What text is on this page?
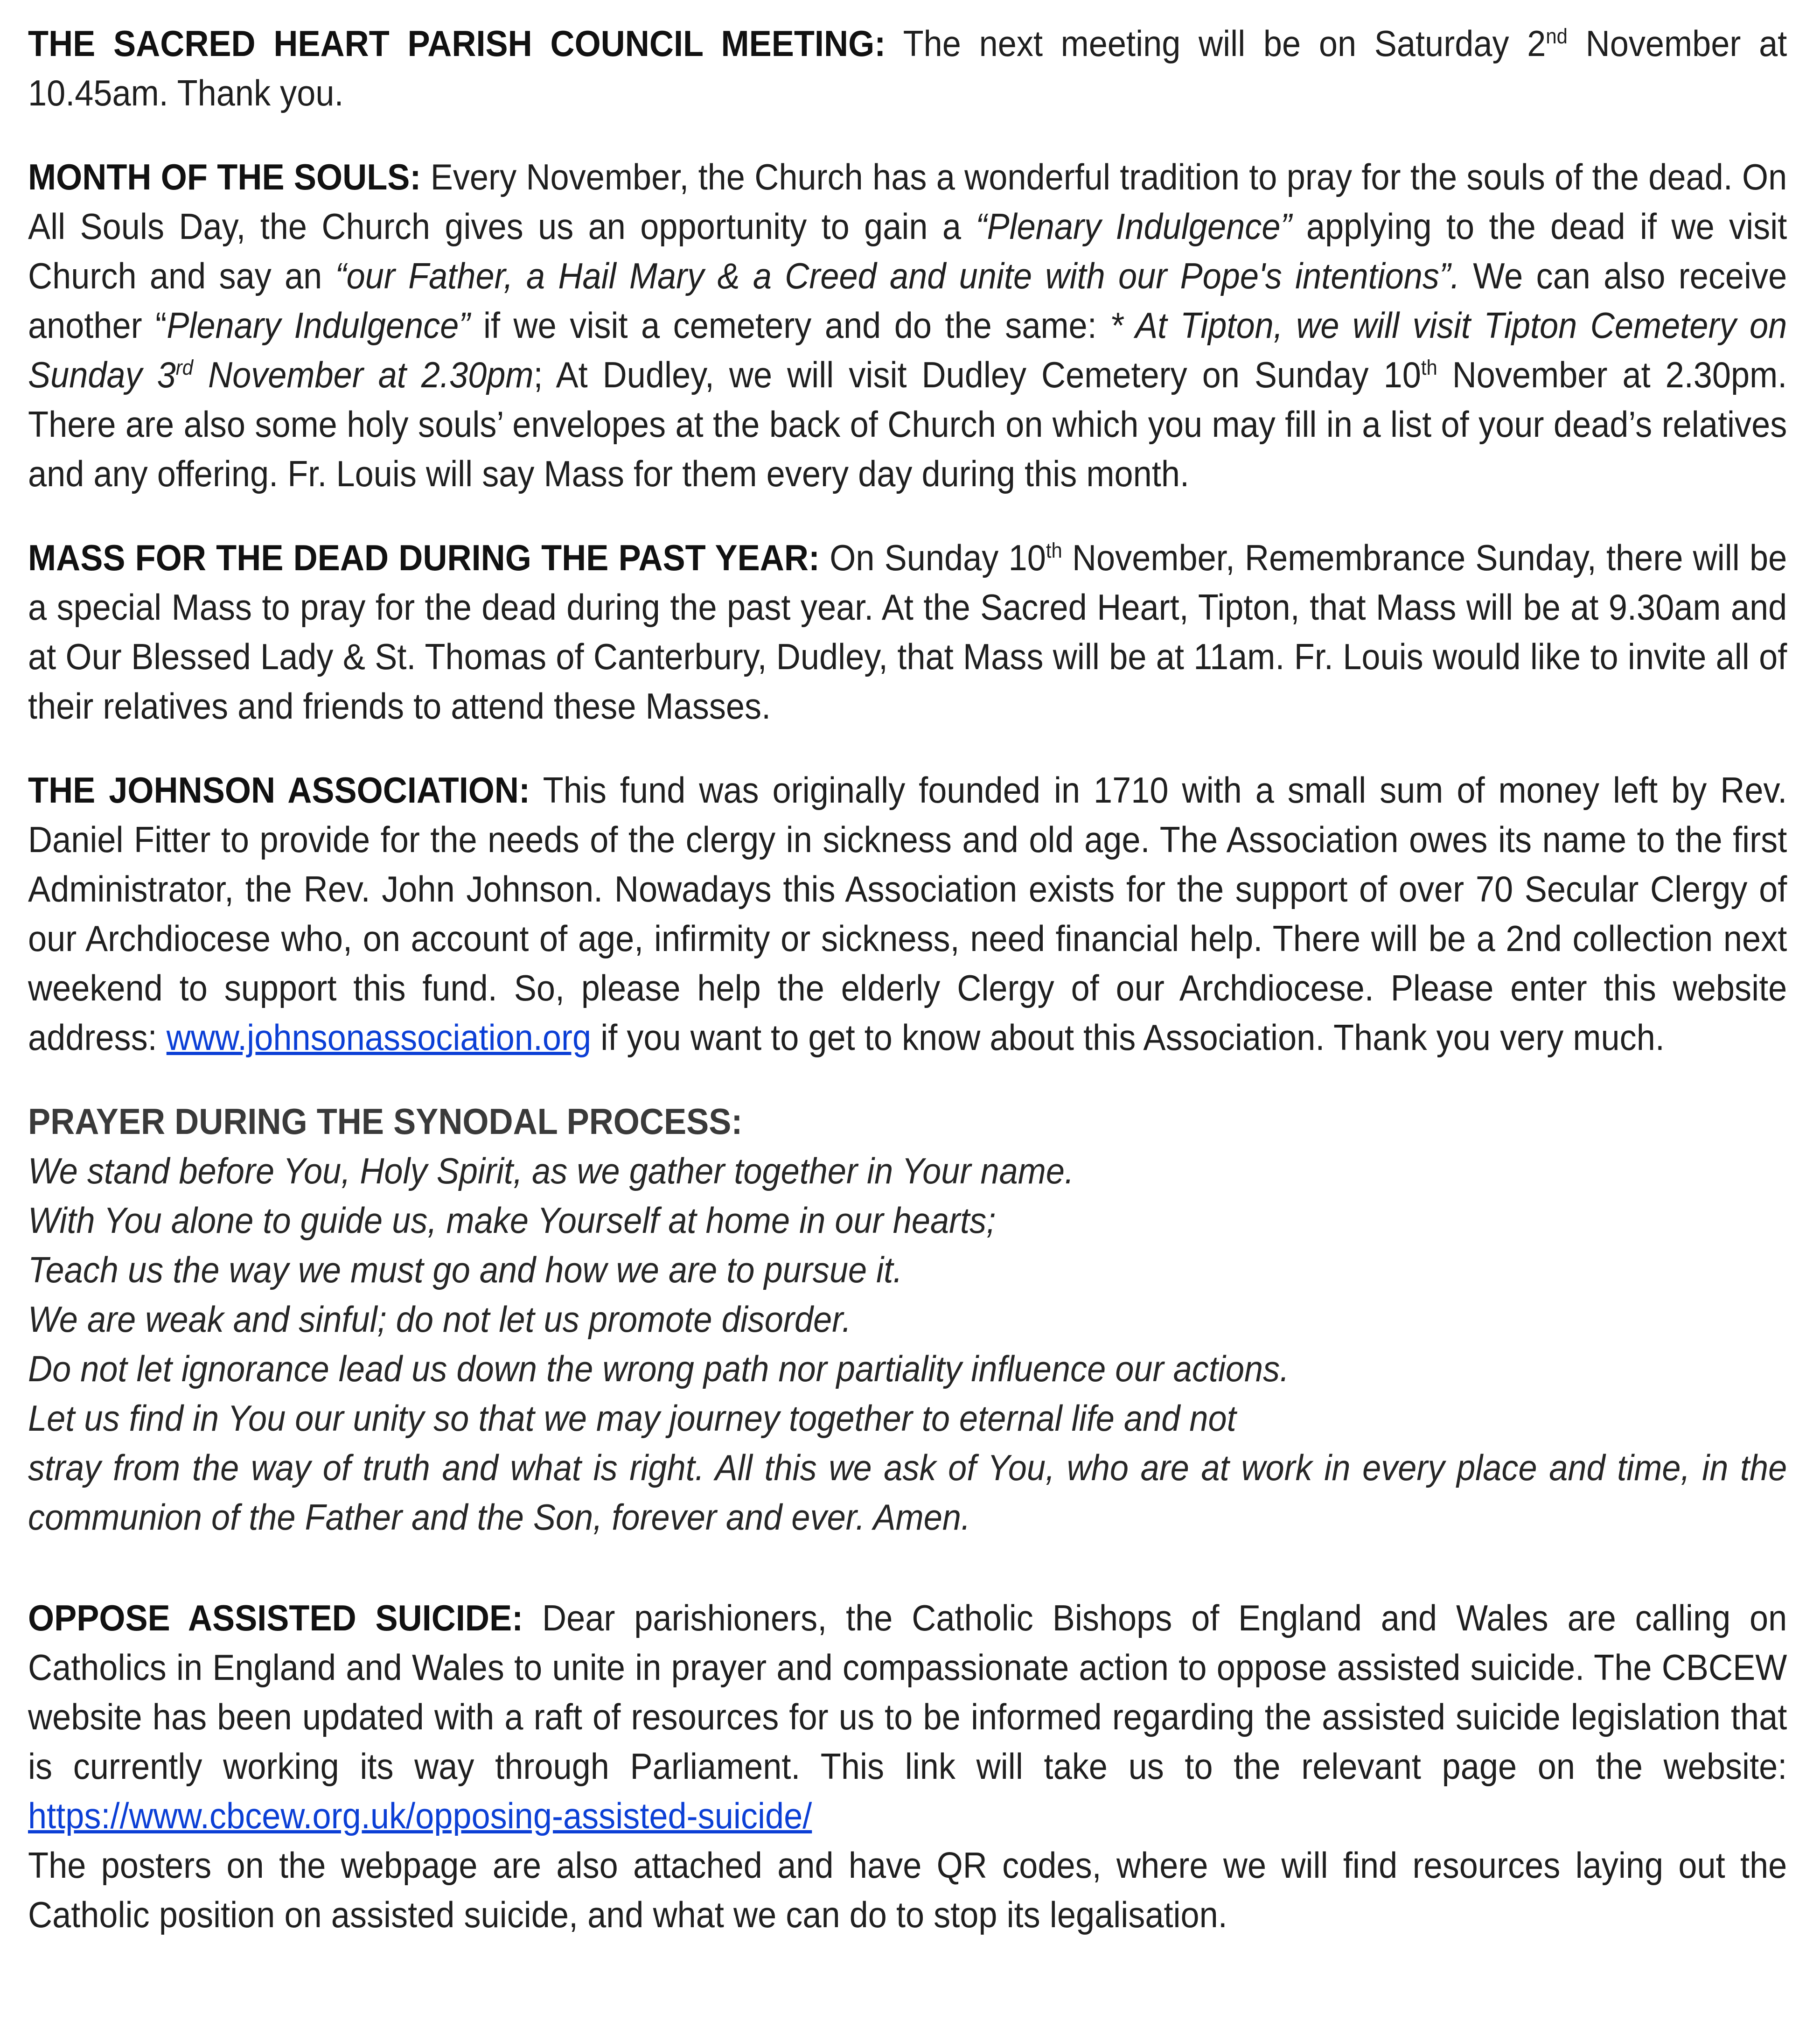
THE SACRED HEART PARISH COUNCIL MEETING: The next meeting will be on Saturday 2nd November at 10.45am. Thank you.

MONTH OF THE SOULS: Every November, the Church has a wonderful tradition to pray for the souls of the dead. On All Souls Day, the Church gives us an opportunity to gain a “Plenary Indulgence” applying to the dead if we visit Church and say an “our Father, a Hail Mary & a Creed and unite with our Pope's intentions”. We can also receive another “Plenary Indulgence” if we visit a cemetery and do the same: * At Tipton, we will visit Tipton Cemetery on Sunday 3rd November at 2.30pm; At Dudley, we will visit Dudley Cemetery on Sunday 10th November at 2.30pm. There are also some holy souls’ envelopes at the back of Church on which you may fill in a list of your dead’s relatives and any offering. Fr. Louis will say Mass for them every day during this month.

MASS FOR THE DEAD DURING THE PAST YEAR: On Sunday 10th November, Remembrance Sunday, there will be a special Mass to pray for the dead during the past year. At the Sacred Heart, Tipton, that Mass will be at 9.30am and at Our Blessed Lady & St. Thomas of Canterbury, Dudley, that Mass will be at 11am. Fr. Louis would like to invite all of their relatives and friends to attend these Masses.

THE JOHNSON ASSOCIATION: This fund was originally founded in 1710 with a small sum of money left by Rev. Daniel Fitter to provide for the needs of the clergy in sickness and old age. The Association owes its name to the first Administrator, the Rev. John Johnson. Nowadays this Association exists for the support of over 70 Secular Clergy of our Archdiocese who, on account of age, infirmity or sickness, need financial help. There will be a 2nd collection next weekend to support this fund. So, please help the elderly Clergy of our Archdiocese. Please enter this website address: www.johnsonassociation.org if you want to get to know about this Association. Thank you very much.

PRAYER DURING THE SYNODAL PROCESS:
We stand before You, Holy Spirit, as we gather together in Your name.
With You alone to guide us, make Yourself at home in our hearts;
Teach us the way we must go and how we are to pursue it.
We are weak and sinful; do not let us promote disorder.
Do not let ignorance lead us down the wrong path nor partiality influence our actions.
Let us find in You our unity so that we may journey together to eternal life and not
stray from the way of truth and what is right. All this we ask of You, who are at work in every place and time, in the communion of the Father and the Son, forever and ever. Amen.

OPPOSE ASSISTED SUICIDE: Dear parishioners, the Catholic Bishops of England and Wales are calling on Catholics in England and Wales to unite in prayer and compassionate action to oppose assisted suicide. The CBCEW website has been updated with a raft of resources for us to be informed regarding the assisted suicide legislation that is currently working its way through Parliament. This link will take us to the relevant page on the website: https://www.cbcew.org.uk/opposing-assisted-suicide/
The posters on the webpage are also attached and have QR codes, where we will find resources laying out the Catholic position on assisted suicide, and what we can do to stop its legalisation.
